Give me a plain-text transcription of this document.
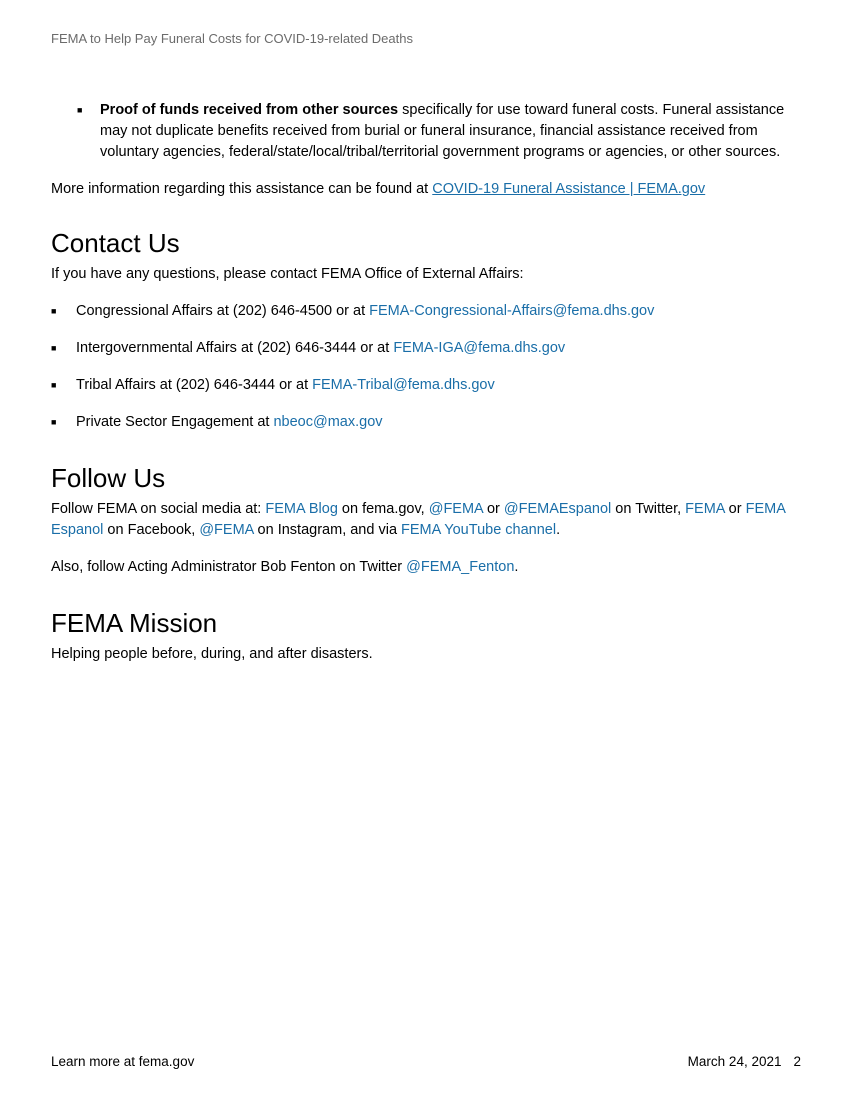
FEMA to Help Pay Funeral Costs for COVID-19-related Deaths
■ Proof of funds received from other sources specifically for use toward funeral costs. Funeral assistance may not duplicate benefits received from burial or funeral insurance, financial assistance received from voluntary agencies, federal/state/local/tribal/territorial government programs or agencies, or other sources.

More information regarding this assistance can be found at COVID-19 Funeral Assistance | FEMA.gov

Contact Us

If you have any questions, please contact FEMA Office of External Affairs:

■ Congressional Affairs at (202) 646-4500 or at FEMA-Congressional-Affairs@fema.dhs.gov
■ Intergovernmental Affairs at (202) 646-3444 or at FEMA-IGA@fema.dhs.gov
■ Tribal Affairs at (202) 646-3444 or at FEMA-Tribal@fema.dhs.gov
■ Private Sector Engagement at nbeoc@max.gov
Follow Us

Follow FEMA on social media at: FEMA Blog on fema.gov, @FEMA or @FEMAEspanol on Twitter, FEMA or FEMA Espanol on Facebook, @FEMA on Instagram, and via FEMA YouTube channel.

Also, follow Acting Administrator Bob Fenton on Twitter @FEMA_Fenton.

FEMA Mission

Helping people before, during, and after disasters.

Learn more at fema.gov	March 24, 2021 2
